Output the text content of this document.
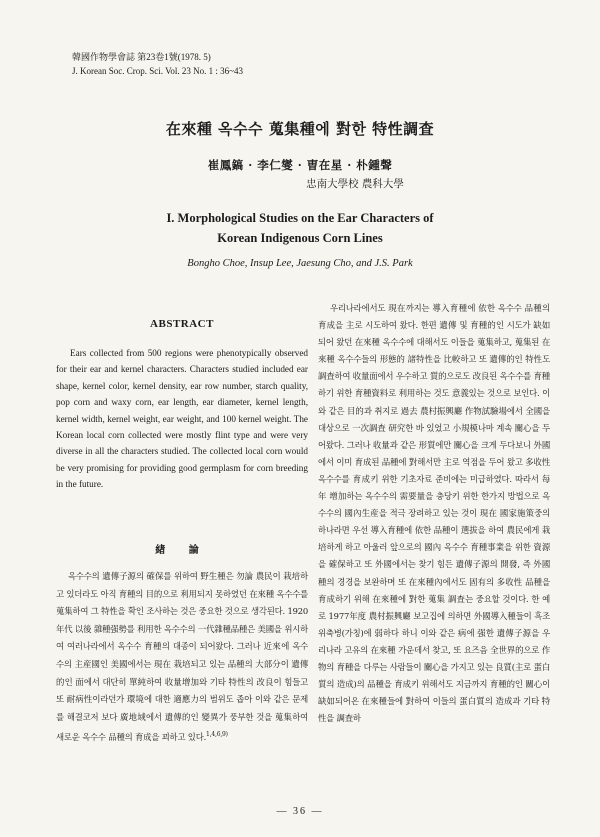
韓國作物學會誌 第23卷1號(1978. 5)
J. Korean Soc. Crop. Sci. Vol. 23 No. 1 : 36~43
在來種 옥수수 蒐集種에 對한 特性調査
崔鳳鎬 · 李仁燮 · 曺在星 · 朴鍾聲
忠南大學校 農科大學
I. Morphological Studies on the Ear Characters of
Korean Indigenous Corn Lines
Bongho Choe, Insup Lee, Jaesung Cho, and J.S. Park
ABSTRACT
Ears collected from 500 regions were phenotypically observed for their ear and kernel characters. Characters studied included ear shape, kernel color, kernel density, ear row number, starch quality, pop corn and waxy corn, ear length, ear diameter, kernel length, kernel width, kernel weight, ear weight, and 100 kernel weight. The Korean local corn collected were mostly flint type and were very diverse in all the characters studied. The collected local corn would be very promising for providing good germplasm for corn breeding in the future.
緖 論
옥수수의 遺傳子源의 確保를 위하여 野生種은 勿論 農民이 栽培하고 있더라도 아직 育種의 目的으로 利用되지 못하였던 在來種 옥수수를 蒐集하여 그 特性을 확인 조사하는 것은 중요한 것으로 생각된다. 1920年代 以後 雜種强勢를 利用한 옥수수의 一代雜種品種은 美國을 위시하여 여러나라에서 옥수수 育種의 대종이 되어왔다. 그러나 近來에 옥수수의 主産國인 美國에서는 現在 栽培되고 있는 品種의 大部分이 遺傳的인 面에서 대단히 單純하여 收量增加와 기타 特性의 改良이 힘들고 또 耐病性이라던가 環境에 대한 適應力의 범위도 좁아 이와 같은 문제를 해결코저 보다 廣地域에서 遺傳的인 變異가 풍부한 것을 蒐集하여 새로운 옥수수 品種의 育成을 꾀하고 있다.$^{1,4,6,9)}$
우리나라에서도 現在까지는 導入育種에 依한 옥수수 品種의 育成을 主로 시도하여 왔다. 한편 遺傳 및 育種的인 시도가 缺如되어 왔던 在來種 옥수수에 대해서도 이들을 蒐集하고, 蒐集된 在來種 옥수수들의 形態的 諸特性을 比較하고 또 遺傳的인 特性도 調査하여 收量面에서 우수하고 質的으로도 改良된 옥수수를 育種하기 위한 育種資料로 利用하는 것도 意義있는 것으로 보인다. 이와 같은 目的과 취지로 過去 農村振興廳 作物試驗場에서 全國을 대상으로 一次調査 研究한 바 있었고 小規模나마 계속 關心을 두어왔다. 그러나 收量과 같은 形質에만 關心을 크게 두다보니 外國에서 이미 育成된 品種에 對해서만 主로 역점을 두어 왔고 多收性 옥수수를 育成키 위한 기초자료 준비에는 미급하였다. 따라서 每年 增加하는 옥수수의 需要量을 충당키 위한 한가지 방법으로 옥수수의 國內生産을 적극 장려하고 있는 것이 現在 國家施策중의 하나라면 우선 導入育種에 依한 品種이 選拔을 하여 農民에게 栽培하게 하고 아울러 앞으로의 國內 옥수수 育種事業을 위한 資源을 確保하고 또 外國에서는 찾기 힘든 遺傳子源의 開發, 즉 外國種의 경경을 보완하며 또 在來種內에서도 固有의 多收性 品種을 育成하기 위해 在來種에 對한 蒐集 調査는 중요할 것이다. 한 예로 1977年度 農村振興廳 보고집에 의하면 外國導入種들이 흑조위축병(가칭)에 弱하다 하니 이와 같은 病에 强한 遺傳子源을 우리나라 고유의 在來種 가운데서 찾고, 또 요즈음 全世界的으로 作物의 育種을 다루는 사람들이 關心을 가지고 있는 良質(主로 蛋白質의 造成)의 品種을 育成키 위해서도 지금까지 育種的인 關心이 缺如되어온 在來種들에 對하여 이들의 蛋白質의 造成과 기타 特性을 調査하
— 36 —
